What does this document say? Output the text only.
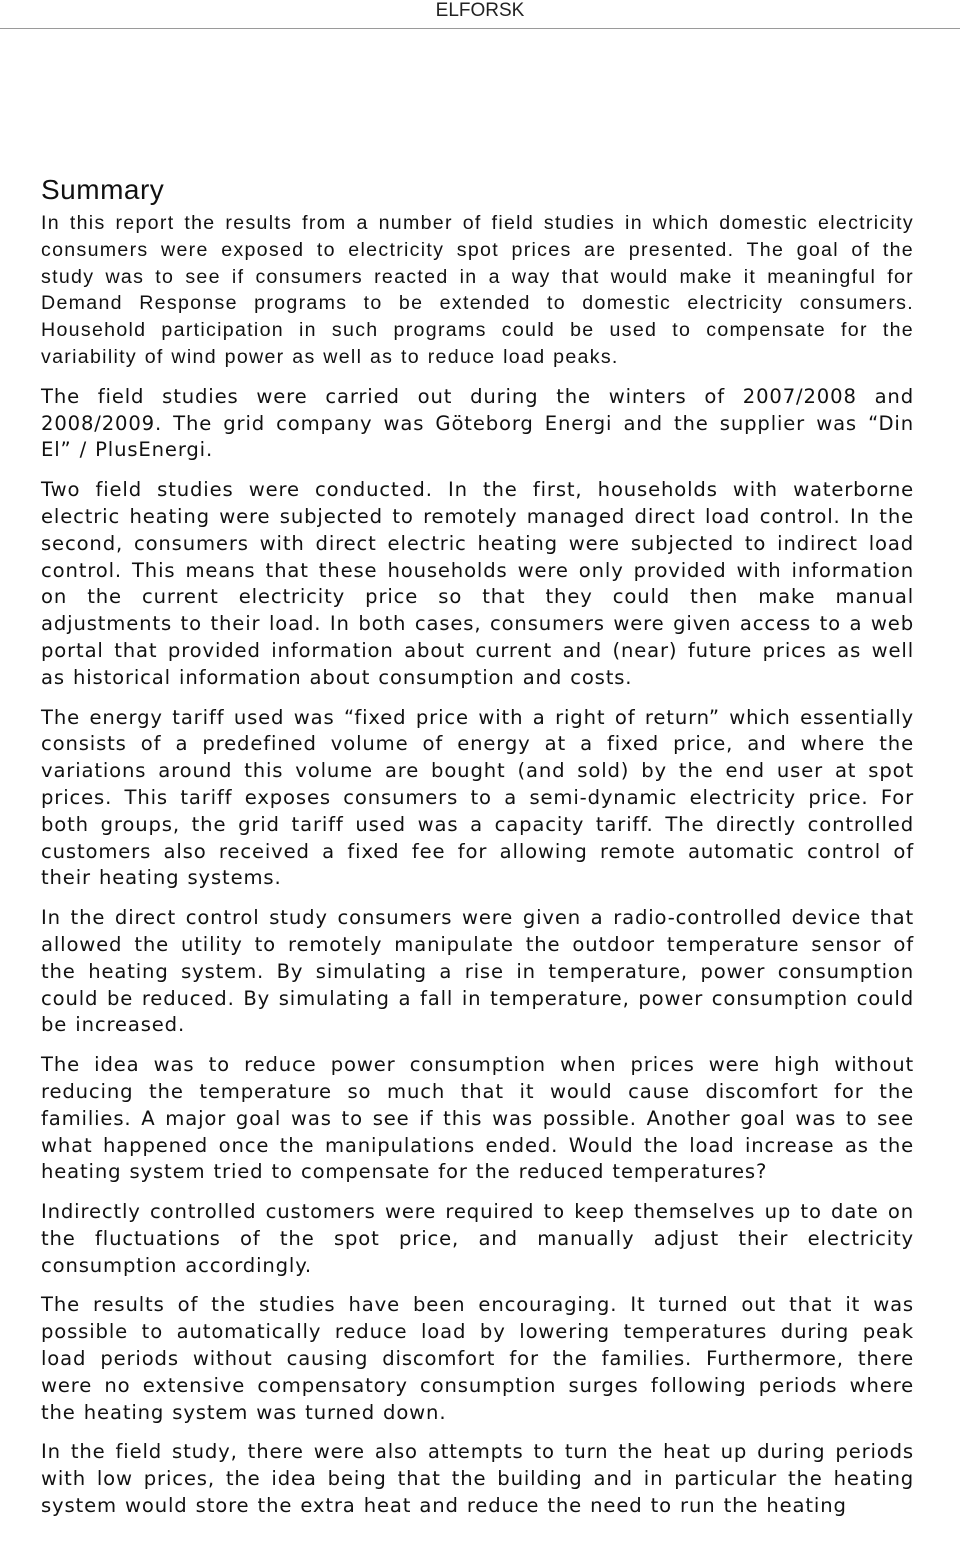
ELFORSK
Summary

In this report the results from a number of field studies in which domestic electricity consumers were exposed to electricity spot prices are presented. The goal of the study was to see if consumers reacted in a way that would make it meaningful for Demand Response programs to be extended to domestic electricity consumers. Household participation in such programs could be used to compensate for the variability of wind power as well as to reduce load peaks.

The field studies were carried out during the winters of 2007/2008 and 2008/2009. The grid company was Göteborg Energi and the supplier was “Din El” / PlusEnergi.

Two field studies were conducted. In the first, households with waterborne electric heating were subjected to remotely managed direct load control. In the second, consumers with direct electric heating were subjected to indirect load control. This means that these households were only provided with information on the current electricity price so that they could then make manual adjustments to their load. In both cases, consumers were given access to a web portal that provided information about current and (near) future prices as well as historical information about consumption and costs.

The energy tariff used was “fixed price with a right of return” which essentially consists of a predefined volume of energy at a fixed price, and where the variations around this volume are bought (and sold) by the end user at spot prices. This tariff exposes consumers to a semi-dynamic electricity price. For both groups, the grid tariff used was a capacity tariff. The directly controlled customers also received a fixed fee for allowing remote automatic control of their heating systems.

In the direct control study consumers were given a radio-controlled device that allowed the utility to remotely manipulate the outdoor temperature sensor of the heating system. By simulating a rise in temperature, power consumption could be reduced. By simulating a fall in temperature, power consumption could be increased.

The idea was to reduce power consumption when prices were high without reducing the temperature so much that it would cause discomfort for the families. A major goal was to see if this was possible. Another goal was to see what happened once the manipulations ended. Would the load increase as the heating system tried to compensate for the reduced temperatures?

Indirectly controlled customers were required to keep themselves up to date on the fluctuations of the spot price, and manually adjust their electricity consumption accordingly.

The results of the studies have been encouraging. It turned out that it was possible to automatically reduce load by lowering temperatures during peak load periods without causing discomfort for the families. Furthermore, there were no extensive compensatory consumption surges following periods where the heating system was turned down.

In the field study, there were also attempts to turn the heat up during periods with low prices, the idea being that the building and in particular the heating system would store the extra heat and reduce the need to run the heating
